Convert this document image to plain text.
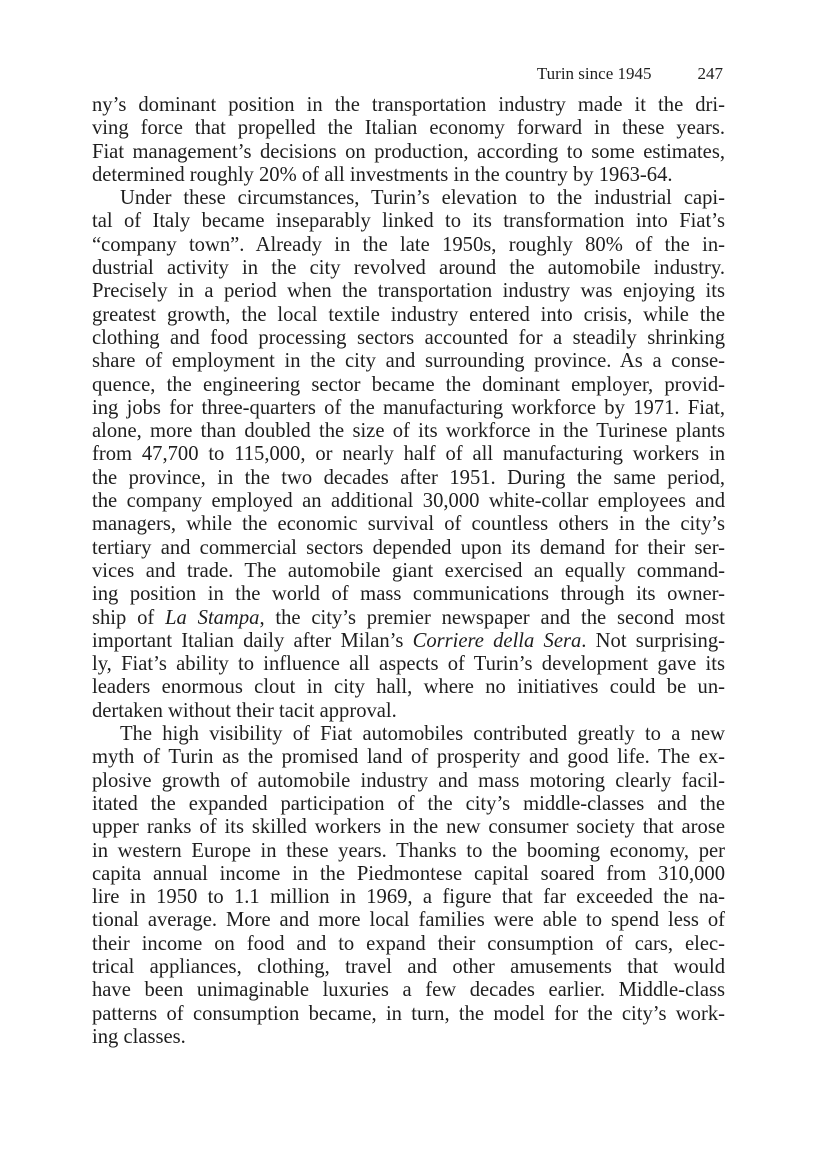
Turin since 1945	247
ny’s dominant position in the transportation industry made it the dri-
ving force that propelled the Italian economy forward in these years.
Fiat management’s decisions on production, according to some estimates,
determined roughly 20% of all investments in the country by 1963-64.
Under these circumstances, Turin’s elevation to the industrial capi-
tal of Italy became inseparably linked to its transformation into Fiat’s
“company town”. Already in the late 1950s, roughly 80% of the in-
dustrial activity in the city revolved around the automobile industry.
Precisely in a period when the transportation industry was enjoying its
greatest growth, the local textile industry entered into crisis, while the
clothing and food processing sectors accounted for a steadily shrinking
share of employment in the city and surrounding province. As a conse-
quence, the engineering sector became the dominant employer, provid-
ing jobs for three-quarters of the manufacturing workforce by 1971. Fiat,
alone, more than doubled the size of its workforce in the Turinese plants
from 47,700 to 115,000, or nearly half of all manufacturing workers in
the province, in the two decades after 1951. During the same period,
the company employed an additional 30,000 white-collar employees and
managers, while the economic survival of countless others in the city’s
tertiary and commercial sectors depended upon its demand for their ser-
vices and trade. The automobile giant exercised an equally command-
ing position in the world of mass communications through its owner-
ship of La Stampa, the city’s premier newspaper and the second most
important Italian daily after Milan’s Corriere della Sera. Not surprising-
ly, Fiat’s ability to influence all aspects of Turin’s development gave its
leaders enormous clout in city hall, where no initiatives could be un-
dertaken without their tacit approval.
The high visibility of Fiat automobiles contributed greatly to a new
myth of Turin as the promised land of prosperity and good life. The ex-
plosive growth of automobile industry and mass motoring clearly facil-
itated the expanded participation of the city’s middle-classes and the
upper ranks of its skilled workers in the new consumer society that arose
in western Europe in these years. Thanks to the booming economy, per
capita annual income in the Piedmontese capital soared from 310,000
lire in 1950 to 1.1 million in 1969, a figure that far exceeded the na-
tional average. More and more local families were able to spend less of
their income on food and to expand their consumption of cars, elec-
trical appliances, clothing, travel and other amusements that would
have been unimaginable luxuries a few decades earlier. Middle-class
patterns of consumption became, in turn, the model for the city’s work-
ing classes.
